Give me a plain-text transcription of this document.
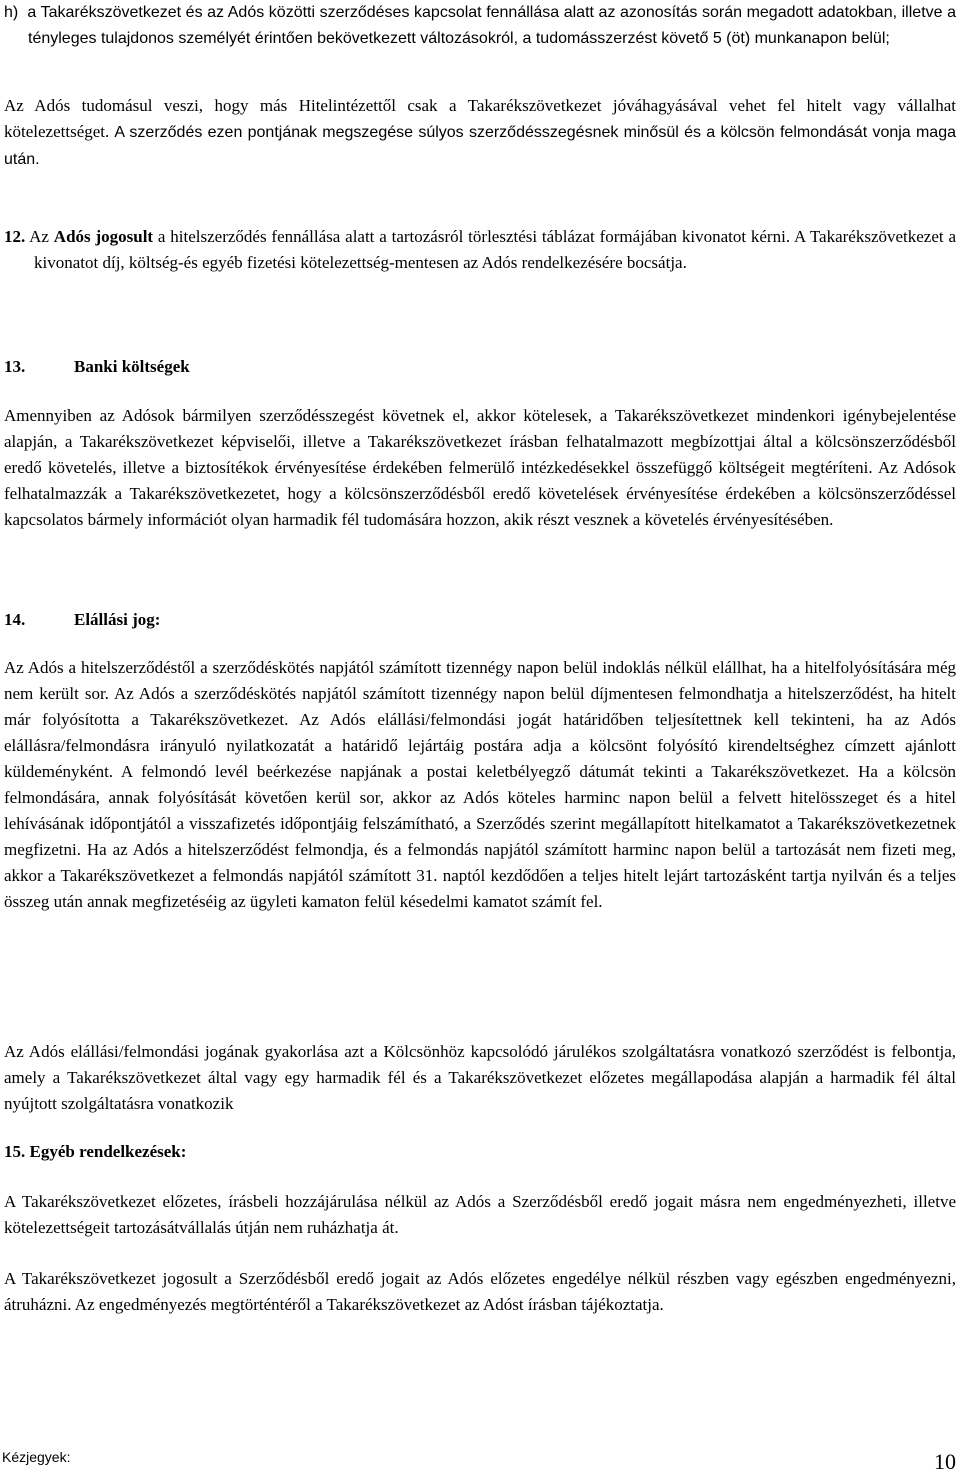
h) a Takarékszövetkezet és az Adós közötti szerződéses kapcsolat fennállása alatt az azonosítás során megadott adatokban, illetve a tényleges tulajdonos személyét érintően bekövetkezett változásokról, a tudomásszerzést követő 5 (öt) munkanapon belül;

Az Adós tudomásul veszi, hogy más Hitelintézettől csak a Takarékszövetkezet jóváhagyásával vehet fel hitelt vagy vállalhat kötelezettséget. A szerződés ezen pontjának megszegése súlyos szerződésszegésnek minősül és a kölcsön felmondását vonja maga után.

12. Az Adós jogosult a hitelszerződés fennállása alatt a tartozásról törlesztési táblázat formájában kivonatot kérni. A Takarékszövetkezet a kivonatot díj, költség-és egyéb fizetési kötelezettség-mentesen az Adós rendelkezésére bocsátja.

13.	Banki költségek

Amennyiben az Adósok bármilyen szerződésszegést követnek el, akkor kötelesek, a Takarékszövetkezet mindenkori igénybejelentése alapján, a Takarékszövetkezet képviselői, illetve a Takarékszövetkezet írásban felhatalmazott megbízottjai által a kölcsönszerződésből eredő követelés, illetve a biztosítékok érvényesítése érdekében felmerülő intézkedésekkel összefüggő költségeit megtéríteni. Az Adósok felhatalmazzák a Takarékszövetkezetet, hogy a kölcsönszerződésből eredő követelések érvényesítése érdekében a kölcsönszerződéssel kapcsolatos bármely információt olyan harmadik fél tudomására hozzon, akik részt vesznek a követelés érvényesítésében.

14.	Elállási jog:

Az Adós a hitelszerződéstől a szerződéskötés napjától számított tizennégy napon belül indoklás nélkül elállhat, ha a hitelfolyósítására még nem került sor. Az Adós a szerződéskötés napjától számított tizennégy napon belül díjmentesen felmondhatja a hitelszerződést, ha hitelt már folyósította a Takarékszövetkezet. Az Adós elállási/felmondási jogát határidőben teljesítettnek kell tekinteni, ha az Adós elállásra/felmondásra irányuló nyilatkozatát a határidő lejártáig postára adja a kölcsönt folyósító kirendeltséghez címzett ajánlott küldeményként. A felmondó levél beérkezése napjának a postai keletbélyegző dátumát tekinti a Takarékszövetkezet. Ha a kölcsön felmondására, annak folyósítását követően kerül sor, akkor az Adós köteles harminc napon belül a felvett hitelösszeget és a hitel lehívásának időpontjától a visszafizetés időpontjáig felszámítható, a Szerződés szerint megállapított hitelkamatot a Takarékszövetkezetnek megfizetni. Ha az Adós a hitelszerződést felmondja, és a felmondás napjától számított harminc napon belül a tartozását nem fizeti meg, akkor a Takarékszövetkezet a felmondás napjától számított 31. naptól kezdődően a teljes hitelt lejárt tartozásként tartja nyilván és a teljes összeg után annak megfizetéséig az ügyleti kamaton felül késedelmi kamatot számít fel.

Az Adós elállási/felmondási jogának gyakorlása azt a Kölcsönhöz kapcsolódó járulékos szolgáltatásra vonatkozó szerződést is felbontja, amely a Takarékszövetkezet által vagy egy harmadik fél és a Takarékszövetkezet előzetes megállapodása alapján a harmadik fél által nyújtott szolgáltatásra vonatkozik

15. Egyéb rendelkezések:

A Takarékszövetkezet előzetes, írásbeli hozzájárulása nélkül az Adós a Szerződésből eredő jogait másra nem engedményezheti, illetve kötelezettségeit tartozásátvállalás útján nem ruházhatja át.

A Takarékszövetkezet jogosult a Szerződésből eredő jogait az Adós előzetes engedélye nélkül részben vagy egészben engedményezni, átruházni. Az engedményezés megtörténtéről a Takarékszövetkezet az Adóst írásban tájékoztatja.

Kézjegyek:	10
